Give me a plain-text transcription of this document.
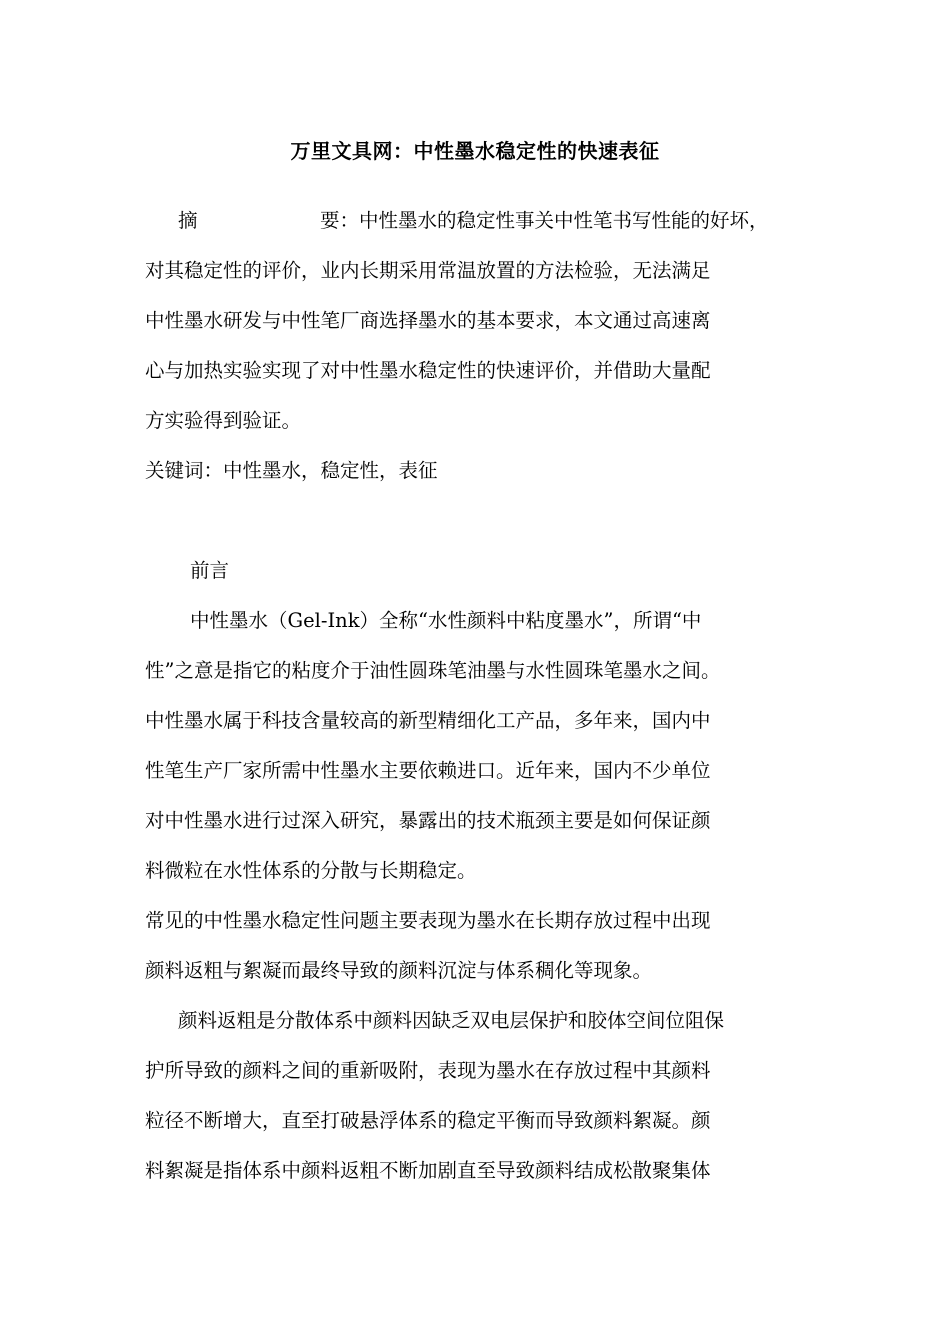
万里文具网：中性墨水稳定性的快速表征
摘	要：中性墨水的稳定性事关中性笔书写性能的好坏，
对其稳定性的评价，业内长期采用常温放置的方法检验，无法满足
中性墨水研发与中性笔厂商选择墨水的基本要求，本文通过高速离
心与加热实验实现了对中性墨水稳定性的快速评价，并借助大量配
方实验得到验证。
关键词：中性墨水，稳定性，表征
前言
中性墨水（Gel-Ink）全称“水性颜料中粘度墨水”，所谓“中
性”之意是指它的粘度介于油性圆珠笔油墨与水性圆珠笔墨水之间。
中性墨水属于科技含量较高的新型精细化工产品，多年来，国内中
性笔生产厂家所需中性墨水主要依赖进口。近年来，国内不少单位
对中性墨水进行过深入研究，暴露出的技术瓶颈主要是如何保证颜
料微粒在水性体系的分散与长期稳定。
常见的中性墨水稳定性问题主要表现为墨水在长期存放过程中出现
颜料返粗与絮凝而最终导致的颜料沉淀与体系稠化等现象。
颜料返粗是分散体系中颜料因缺乏双电层保护和胶体空间位阻保
护所导致的颜料之间的重新吸附，表现为墨水在存放过程中其颜料
粒径不断增大，直至打破悬浮体系的稳定平衡而导致颜料絮凝。颜
料絮凝是指体系中颜料返粗不断加剧直至导致颜料结成松散聚集体
